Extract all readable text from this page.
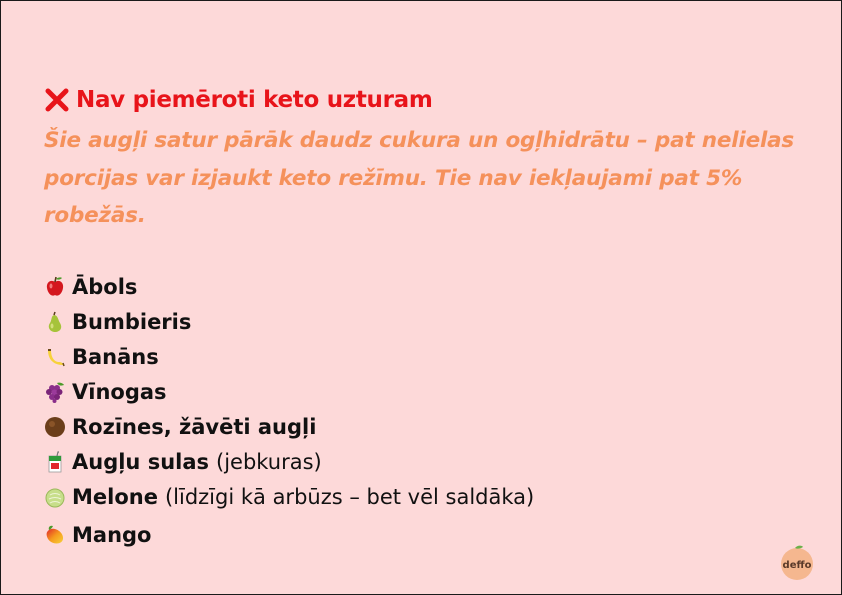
Nav piemēroti keto uzturam
Šie augļi satur pārāk daudz cukura un ogļhidrātu – pat nelielas porcijas var izjaukt keto režīmu. Tie nav iekļaujami pat 5% robežās.
Ābols
Bumbieris
Banāns
Vīnogas
Rozīnes, žāvēti augļi
Augļu sulas (jebkuras)
Melone (līdzīgi kā arbūzs – bet vēl saldāka)
Mango
deffo
